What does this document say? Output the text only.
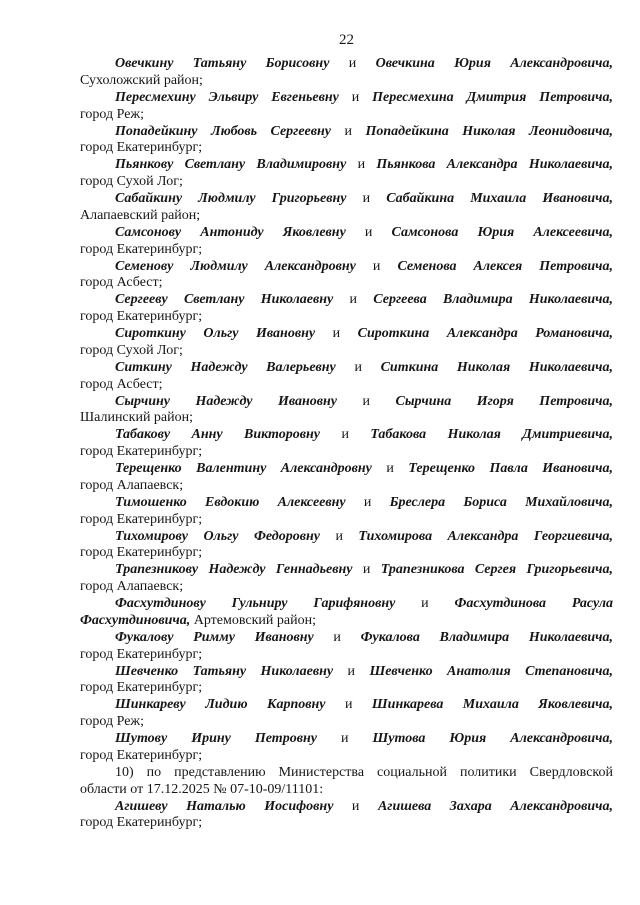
22
Овечкину Татьяну Борисовну и Овечкина Юрия Александровича,
Сухоложский район;
Пересмехину Эльвиру Евгеньевну и Пересмехина Дмитрия Петровича,
город Реж;
Попадейкину Любовь Сергеевну и Попадейкина Николая Леонидовича,
город Екатеринбург;
Пьянкову Светлану Владимировну и Пьянкова Александра Николаевича,
город Сухой Лог;
Сабайкину Людмилу Григорьевну и Сабайкина Михаила Ивановича,
Алапаевский район;
Самсонову Антониду Яковлевну и Самсонова Юрия Алексеевича,
город Екатеринбург;
Семенову Людмилу Александровну и Семенова Алексея Петровича,
город Асбест;
Сергееву Светлану Николаевну и Сергеева Владимира Николаевича,
город Екатеринбург;
Сироткину Ольгу Ивановну и Сироткина Александра Романовича,
город Сухой Лог;
Ситкину Надежду Валерьевну и Ситкина Николая Николаевича,
город Асбест;
Сырчину Надежду Ивановну и Сырчина Игоря Петровича,
Шалинский район;
Табакову Анну Викторовну и Табакова Николая Дмитриевича,
город Екатеринбург;
Терещенко Валентину Александровну и Терещенко Павла Ивановича,
город Алапаевск;
Тимошенко Евдокию Алексеевну и Бреслера Бориса Михайловича,
город Екатеринбург;
Тихомирову Ольгу Федоровну и Тихомирова Александра Георгиевича,
город Екатеринбург;
Трапезникову Надежду Геннадьевну и Трапезникова Сергея Григорьевича,
город Алапаевск;
Фасхутдинову Гульниру Гарифяновну и Фасхутдинова Расула
Фасхутдиновича, Артемовский район;
Фукалову Римму Ивановну и Фукалова Владимира Николаевича,
город Екатеринбург;
Шевченко Татьяну Николаевну и Шевченко Анатолия Степановича,
город Екатеринбург;
Шинкареву Лидию Карповну и Шинкарева Михаила Яковлевича,
город Реж;
Шутову Ирину Петровну и Шутова Юрия Александровича,
город Екатеринбург;
10) по представлению Министерства социальной политики Свердловской
области от 17.12.2025 № 07-10-09/11101:
Агишеву Наталью Иосифовну и Агишева Захара Александровича,
город Екатеринбург;
